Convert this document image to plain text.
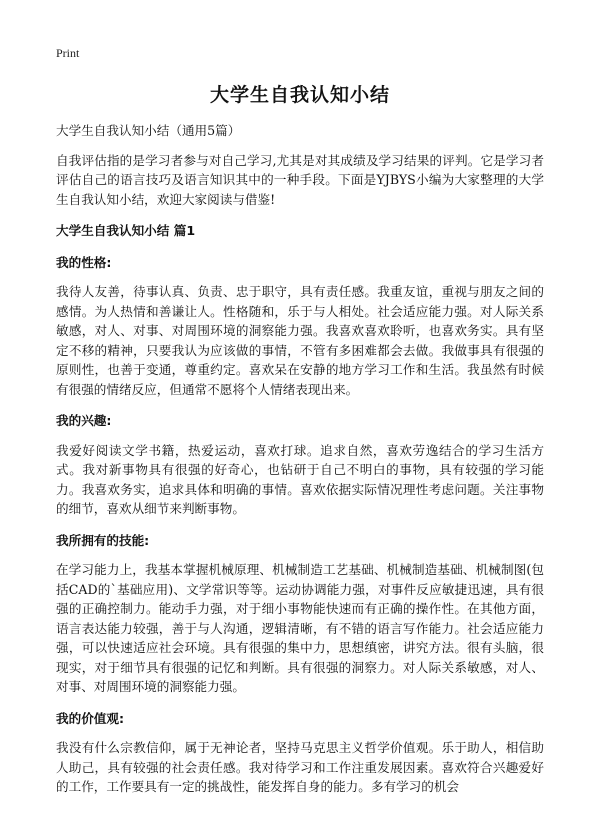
Print
大学生自我认知小结
大学生自我认知小结（通用5篇）
自我评估指的是学习者参与对自己学习,尤其是对其成绩及学习结果的评判。它是学习者评估自己的语言技巧及语言知识其中的一种手段。下面是YJBYS小编为大家整理的大学生自我认知小结，欢迎大家阅读与借鉴!
大学生自我认知小结 篇1
我的性格:
我待人友善，待事认真、负责、忠于职守，具有责任感。我重友谊，重视与朋友之间的感情。为人热情和善谦让人。性格随和，乐于与人相处。社会适应能力强。对人际关系敏感，对人、对事、对周围环境的洞察能力强。我喜欢喜欢聆听，也喜欢务实。具有坚定不移的精神，只要我认为应该做的事情，不管有多困难都会去做。我做事具有很强的原则性，也善于变通，尊重约定。喜欢呆在安静的地方学习工作和生活。我虽然有时候有很强的情绪反应，但通常不愿将个人情绪表现出来。
我的兴趣:
我爱好阅读文学书籍，热爱运动，喜欢打球。追求自然，喜欢劳逸结合的学习生活方式。我对新事物具有很强的好奇心，也钻研于自己不明白的事物，具有较强的学习能力。我喜欢务实，追求具体和明确的事情。喜欢依据实际情况理性考虑问题。关注事物的细节，喜欢从细节来判断事物。
我所拥有的技能:
在学习能力上，我基本掌握机械原理、机械制造工艺基础、机械制造基础、机械制图(包括CAD的`基础应用)、文学常识等等。运动协调能力强，对事件反应敏捷迅速，具有很强的正确控制力。能动手力强，对于细小事物能快速而有正确的操作性。在其他方面，语言表达能力较强，善于与人沟通，逻辑清晰，有不错的语言写作能力。社会适应能力强，可以快速适应社会环境。具有很强的集中力，思想缜密，讲究方法。很有头脑，很现实，对于细节具有很强的记忆和判断。具有很强的洞察力。对人际关系敏感，对人、对事、对周围环境的洞察能力强。
我的价值观:
我没有什么宗教信仰，属于无神论者，坚持马克思主义哲学价值观。乐于助人，相信助人助己，具有较强的社会责任感。我对待学习和工作注重发展因素。喜欢符合兴趣爱好的工作，工作要具有一定的挑战性，能发挥自身的能力。多有学习的机会
